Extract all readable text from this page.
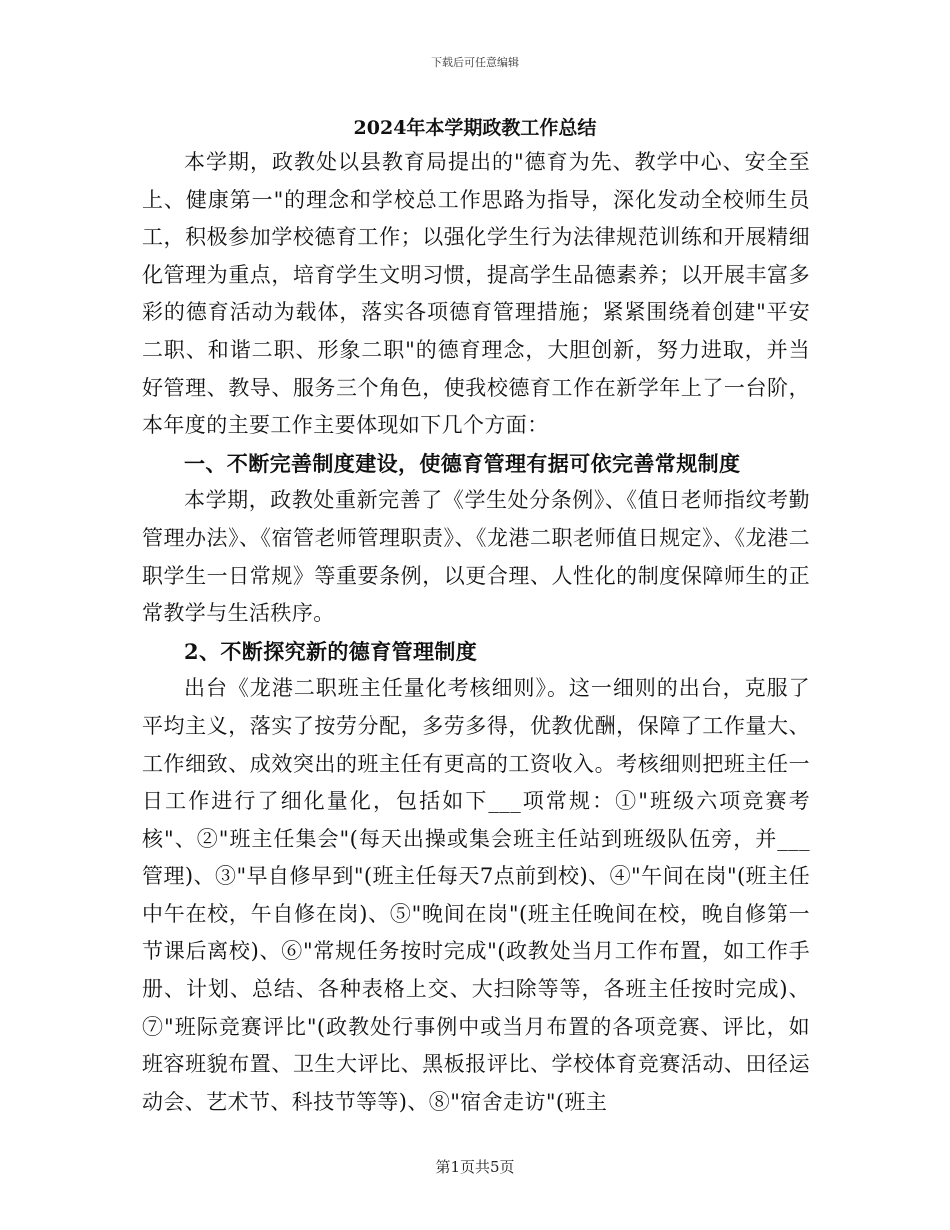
下载后可任意编辑
2024年本学期政教工作总结

本学期，政教处以县教育局提出的"德育为先、教学中心、安全至上、健康第一"的理念和学校总工作思路为指导，深化发动全校师生员工，积极参加学校德育工作；以强化学生行为法律规范训练和开展精细化管理为重点，培育学生文明习惯，提高学生品德素养；以开展丰富多彩的德育活动为载体，落实各项德育管理措施；紧紧围绕着创建"平安二职、和谐二职、形象二职"的德育理念，大胆创新，努力进取，并当好管理、教导、服务三个角色，使我校德育工作在新学年上了一台阶，本年度的主要工作主要体现如下几个方面：

一、不断完善制度建设，使德育管理有据可依完善常规制度

本学期，政教处重新完善了《学生处分条例》、《值日老师指纹考勤管理办法》、《宿管老师管理职责》、《龙港二职老师值日规定》、《龙港二职学生一日常规》等重要条例，以更合理、人性化的制度保障师生的正常教学与生活秩序。

2、不断探究新的德育管理制度

出台《龙港二职班主任量化考核细则》。这一细则的出台，克服了平均主义，落实了按劳分配，多劳多得，优教优酬，保障了工作量大、工作细致、成效突出的班主任有更高的工资收入。考核细则把班主任一日工作进行了细化量化，包括如下___项常规：①"班级六项竞赛考核"、②"班主任集会"(每天出操或集会班主任站到班级队伍旁，并___管理)、③"早自修早到"(班主任每天7点前到校)、④"午间在岗"(班主任中午在校，午自修在岗)、⑤"晚间在岗"(班主任晚间在校，晚自修第一节课后离校)、⑥"常规任务按时完成"(政教处当月工作布置，如工作手册、计划、总结、各种表格上交、大扫除等等，各班主任按时完成)、⑦"班际竞赛评比"(政教处行事例中或当月布置的各项竞赛、评比，如班容班貌布置、卫生大评比、黑板报评比、学校体育竞赛活动、田径运动会、艺术节、科技节等等)、⑧"宿舍走访"(班主

第1页共5页
